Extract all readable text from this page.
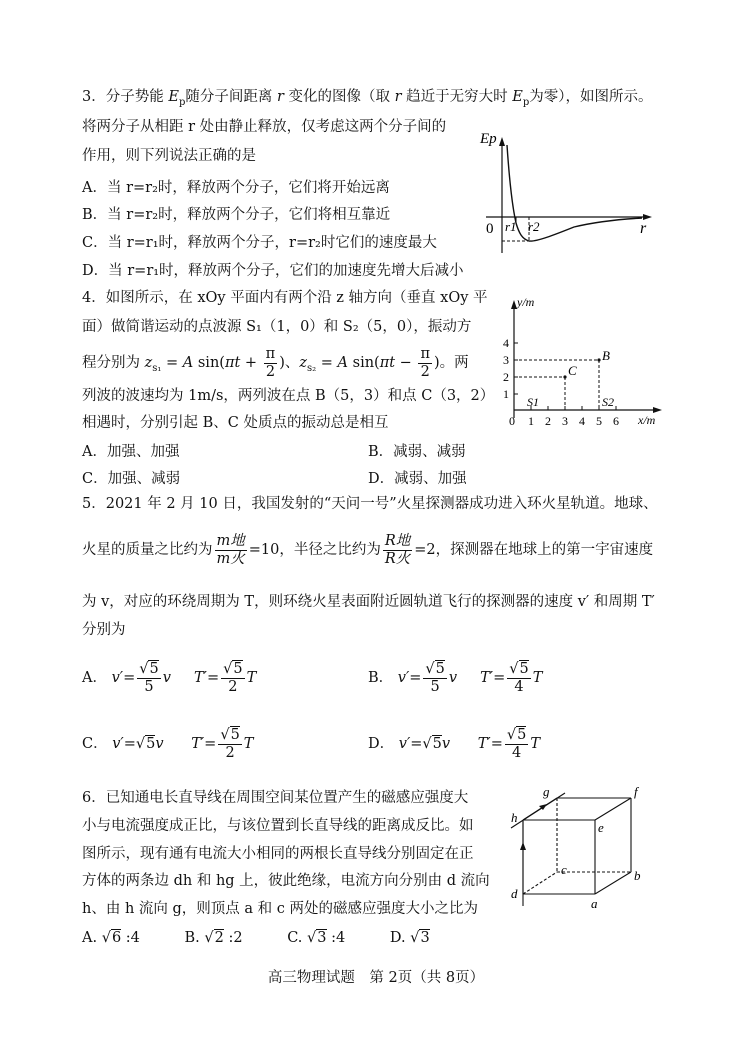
3．分子势能 $E_p$随分子间距离 r 变化的图像（取 r 趋近于无穷大时 $E_p$为零），如图所示。
将两分子从相距 r 处由静止释放，仅考虑这两个分子间的
作用，则下列说法正确的是
A．当 r=r₂时，释放两个分子，它们将开始远离
B．当 r=r₂时，释放两个分子，它们将相互靠近
C．当 r=r₁时，释放两个分子，r=r₂时它们的速度最大
D．当 r=r₁时，释放两个分子，它们的加速度先增大后减小
Ep
0 r1 r2	r
4．如图所示，在 xOy 平面内有两个沿 z 轴方向（垂直 xOy 平
面）做简谐运动的点波源 S₁（1，0）和 S₂（5，0），振动方
程分别为 $z_{s_1} = A$ $\sin(\pi t + \frac{\pi}{2}$ )、$z_{s_2} = A$ $\sin(\pi t - \frac{\pi}{2}$ )。两
列波的波速均为 1m/s，两列波在点 B（5，3）和点 C（3，2）
相遇时，分别引起 B、C 处质点的振动总是相互
A．加强、加强	B．减弱、减弱
C．加强、减弱	D．减弱、加强
y/m
x/m
1
2
3
4
0 1 2 3 4 5 6
B
C
S1	S2
5．2021 年 2 月 10 日，我国发射的“天问一号”火星探测器成功进入环火星轨道。地球、
火星的质量之比约为 $\frac{\text{m地}}{\text{m火}} =10$，半径之比约为 $\frac{\text{R地}}{\text{R火}} =2$，探测器在地球上的第一宇宙速度
为 v，对应的环绕周期为 T，则环绕火星表面附近圆轨道飞行的探测器的速度 v′ 和周期 T′
分别为
A． $v'= \frac{√5}{5}$ v $T'= \frac{√5}{2}$ T	B． $v'= \frac{√5}{5}$ v $T'= \frac{√5}{4}$ T
C． v′=√5v $T'= \frac{√5}{2}$ T	D． v′=√5v $T'= \frac{√5}{4}$ T
6．已知通电长直导线在周围空间某位置产生的磁感应强度大
小与电流强度成正比，与该位置到长直导线的距离成反比。如
图所示，现有通有电流大小相同的两根长直导线分别固定在正
方体的两条边 dh 和 hg 上，彼此绝缘，电流方向分别由 d 流向
h、由 h 流向 g，则顶点 a 和 c 两处的磁感应强度大小之比为
A. √6 :4	B. √2 :2	C. √3 :4	D. √3
g	f
h
e
c	b
d
a
高三物理试题　第 2页（共 8页）
